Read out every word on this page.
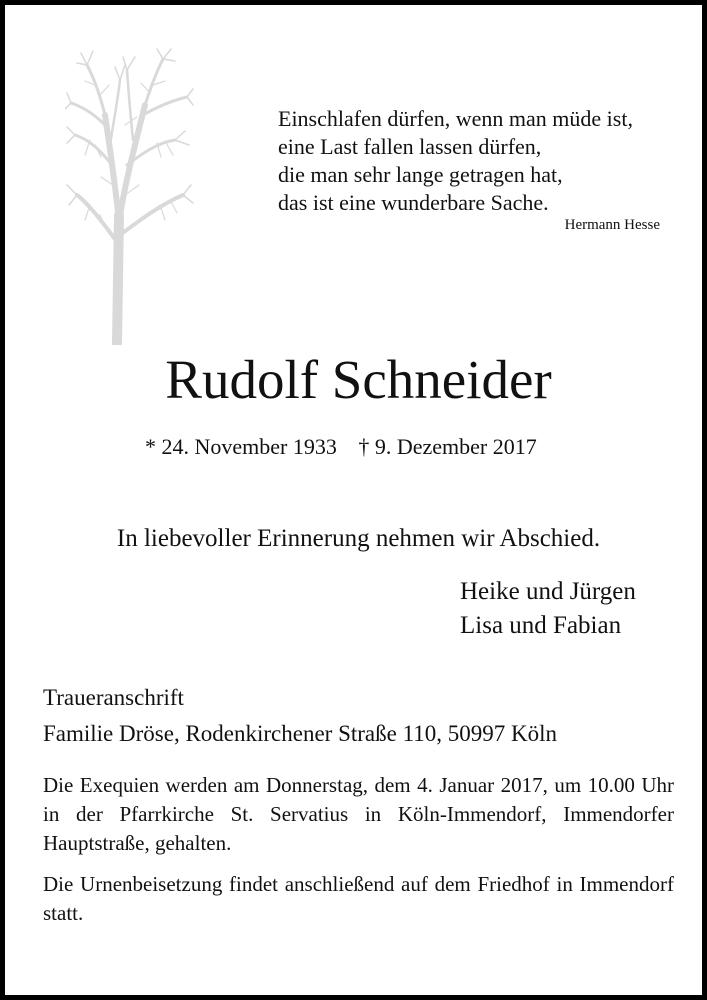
Einschlafen dürfen, wenn man müde ist,
eine Last fallen lassen dürfen,
die man sehr lange getragen hat,
das ist eine wunderbare Sache.
Hermann Hesse
Rudolf Schneider
* 24. November 1933 † 9. Dezember 2017
In liebevoller Erinnerung nehmen wir Abschied.
Heike und Jürgen
Lisa und Fabian
Traueranschrift
Familie Dröse, Rodenkirchener Straße 110, 50997 Köln
Die Exequien werden am Donnerstag, dem 4. Januar 2017, um 10.00 Uhr in der Pfarrkirche St. Servatius in Köln-Immendorf, Immendorfer Hauptstraße, gehalten.
Die Urnenbeisetzung findet anschließend auf dem Friedhof in Immendorf statt.
